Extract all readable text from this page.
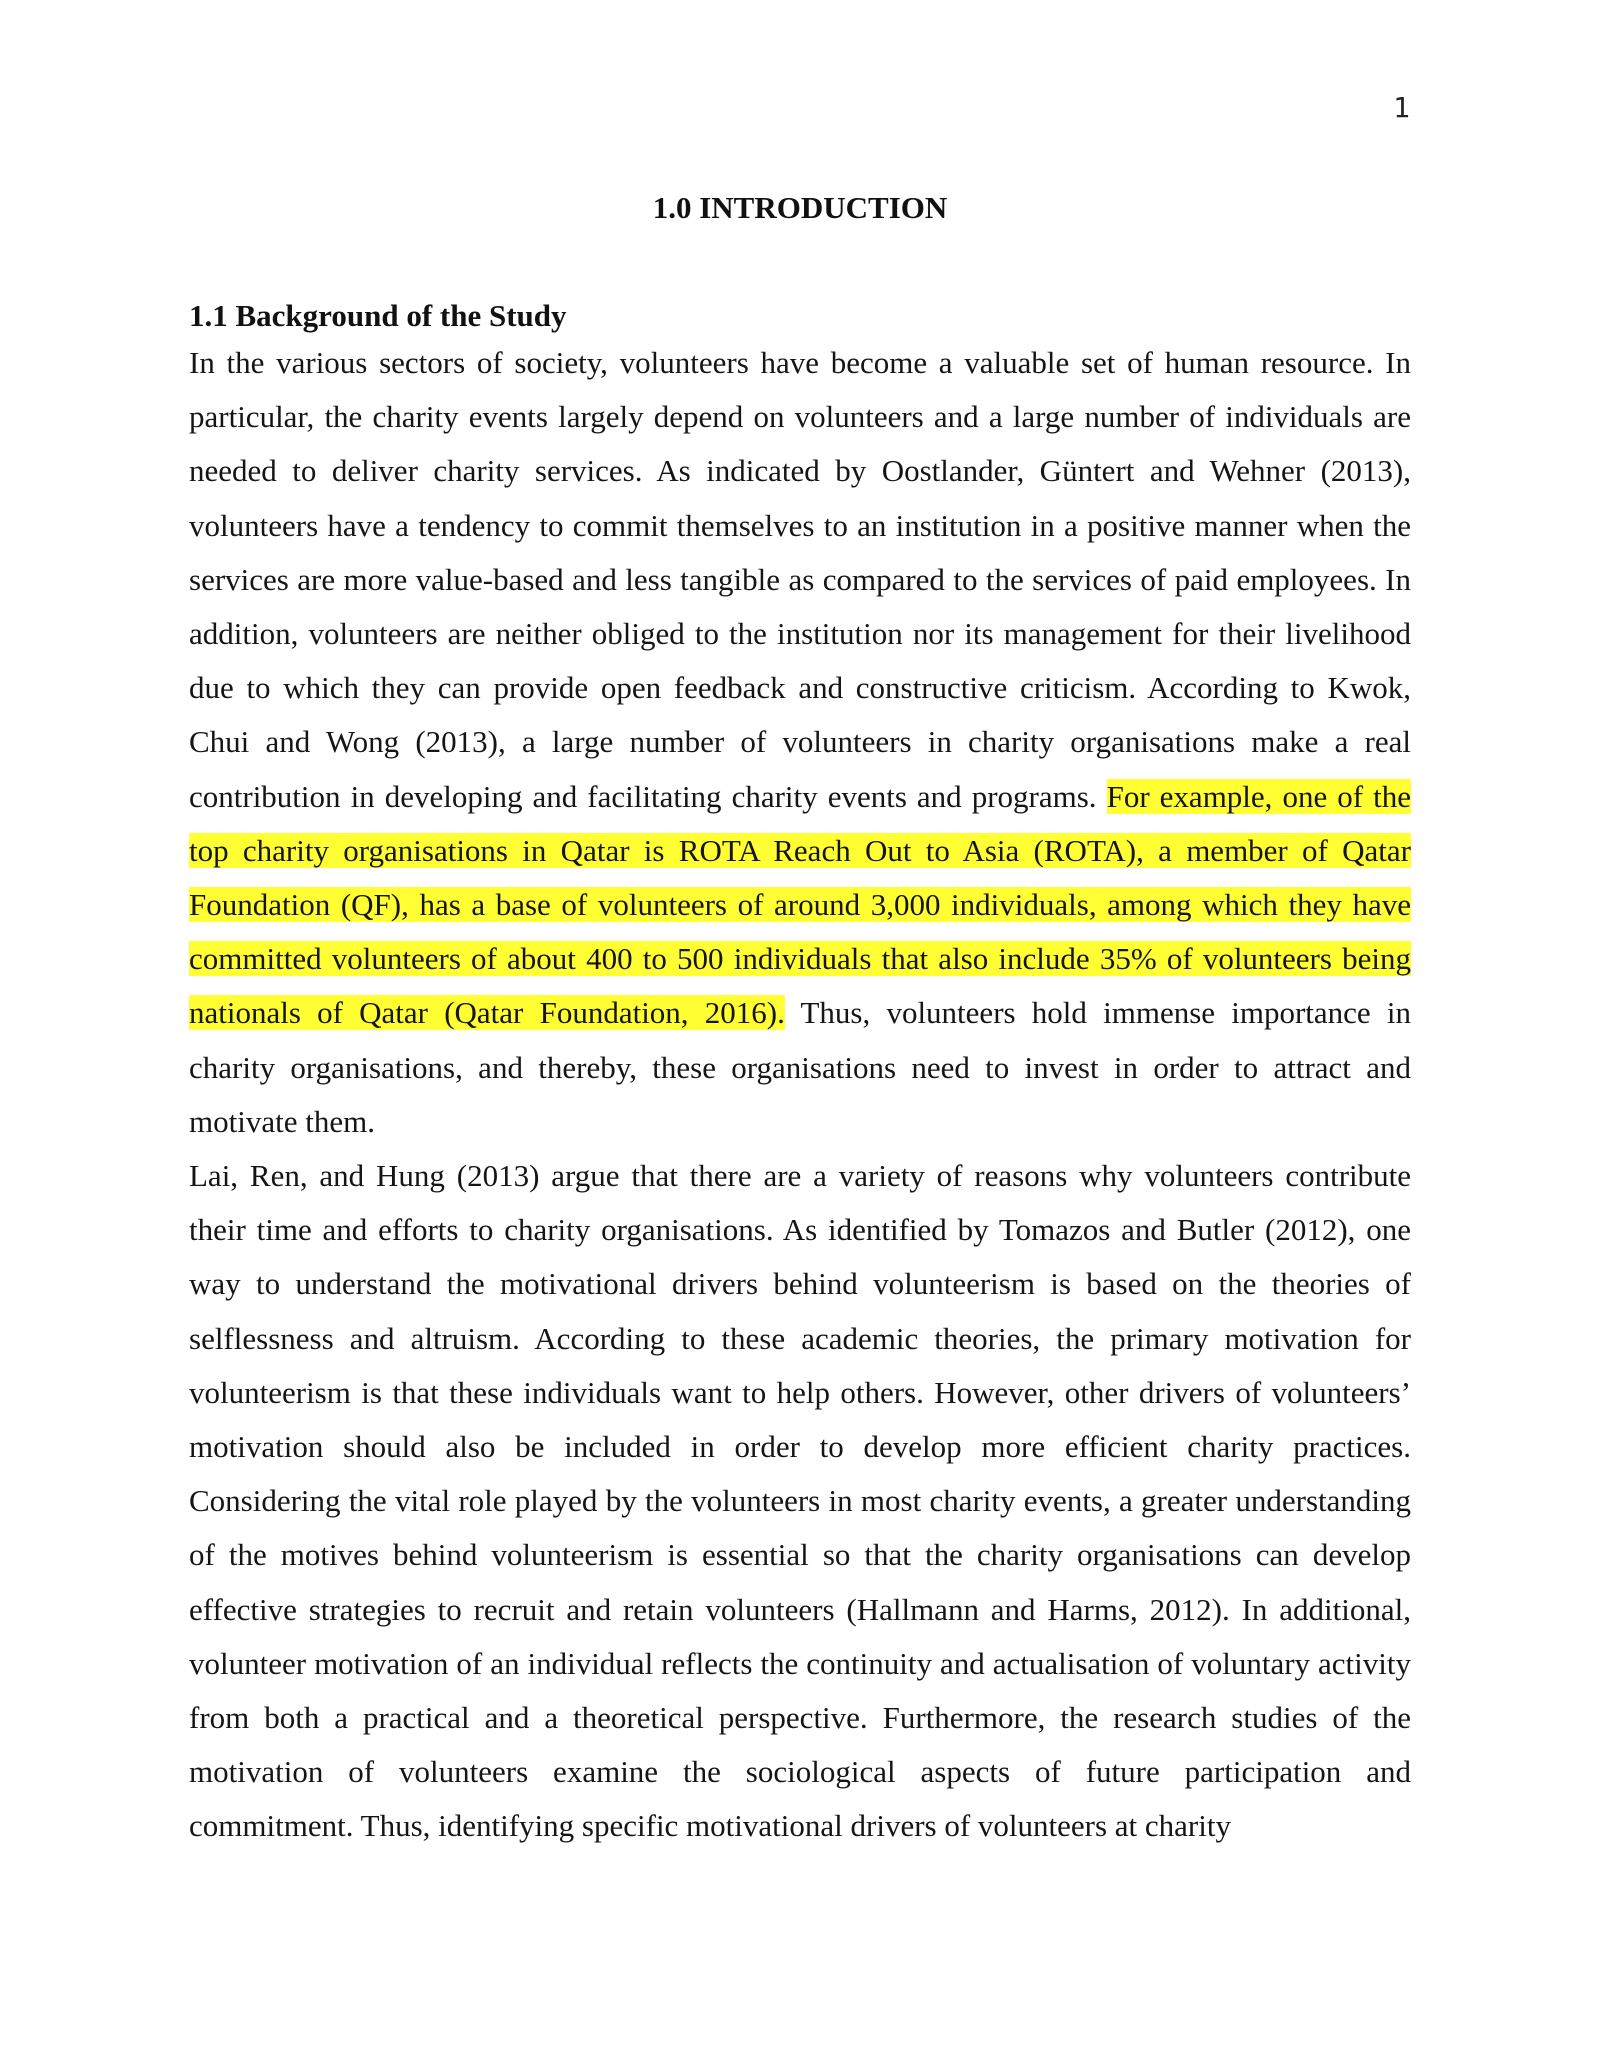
1
1.0 INTRODUCTION
1.1 Background of the Study

In the various sectors of society, volunteers have become a valuable set of human resource. In particular, the charity events largely depend on volunteers and a large number of individuals are needed to deliver charity services. As indicated by Oostlander, Güntert and Wehner (2013), volunteers have a tendency to commit themselves to an institution in a positive manner when the services are more value-based and less tangible as compared to the services of paid employees. In addition, volunteers are neither obliged to the institution nor its management for their livelihood due to which they can provide open feedback and constructive criticism. According to Kwok, Chui and Wong (2013), a large number of volunteers in charity organisations make a real contribution in developing and facilitating charity events and programs. For example, one of the top charity organisations in Qatar is ROTA Reach Out to Asia (ROTA), a member of Qatar Foundation (QF), has a base of volunteers of around 3,000 individuals, among which they have committed volunteers of about 400 to 500 individuals that also include 35% of volunteers being nationals of Qatar (Qatar Foundation, 2016). Thus, volunteers hold immense importance in charity organisations, and thereby, these organisations need to invest in order to attract and motivate them.

Lai, Ren, and Hung (2013) argue that there are a variety of reasons why volunteers contribute their time and efforts to charity organisations. As identified by Tomazos and Butler (2012), one way to understand the motivational drivers behind volunteerism is based on the theories of selflessness and altruism. According to these academic theories, the primary motivation for volunteerism is that these individuals want to help others. However, other drivers of volunteers’ motivation should also be included in order to develop more efficient charity practices. Considering the vital role played by the volunteers in most charity events, a greater understanding of the motives behind volunteerism is essential so that the charity organisations can develop effective strategies to recruit and retain volunteers (Hallmann and Harms, 2012). In additional, volunteer motivation of an individual reflects the continuity and actualisation of voluntary activity from both a practical and a theoretical perspective. Furthermore, the research studies of the motivation of volunteers examine the sociological aspects of future participation and commitment. Thus, identifying specific motivational drivers of volunteers at charity
